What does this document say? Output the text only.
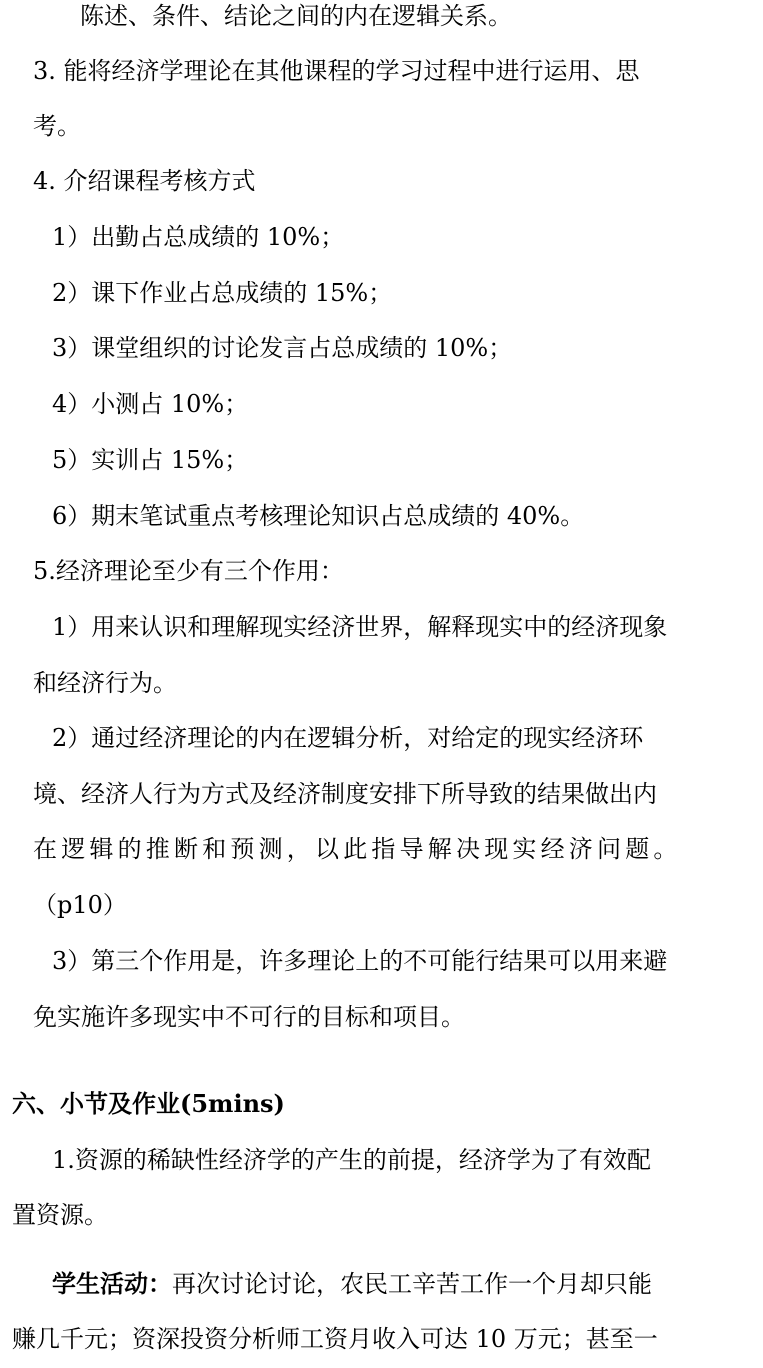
陈述、条件、结论之间的内在逻辑关系。
3. 能将经济学理论在其他课程的学习过程中进行运用、思
考。
4. 介绍课程考核方式
1）出勤占总成绩的 10%；
2）课下作业占总成绩的 15%；
3）课堂组织的讨论发言占总成绩的 10%；
4）小测占 10%；
5）实训占 15%；
6）期末笔试重点考核理论知识占总成绩的 40%。
5.经济理论至少有三个作用：
1）用来认识和理解现实经济世界，解释现实中的经济现象
和经济行为。
2）通过经济理论的内在逻辑分析，对给定的现实经济环
境、经济人行为方式及经济制度安排下所导致的结果做出内
在逻辑的推断和预测，以此指导解决现实经济问题。
（p10）
3）第三个作用是，许多理论上的不可能行结果可以用来避
免实施许多现实中不可行的目标和项目。
六、小节及作业(5mins)
1.资源的稀缺性经济学的产生的前提，经济学为了有效配
置资源。
学生活动：再次讨论讨论，农民工辛苦工作一个月却只能
赚几千元；资深投资分析师工资月收入可达 10 万元；甚至一
